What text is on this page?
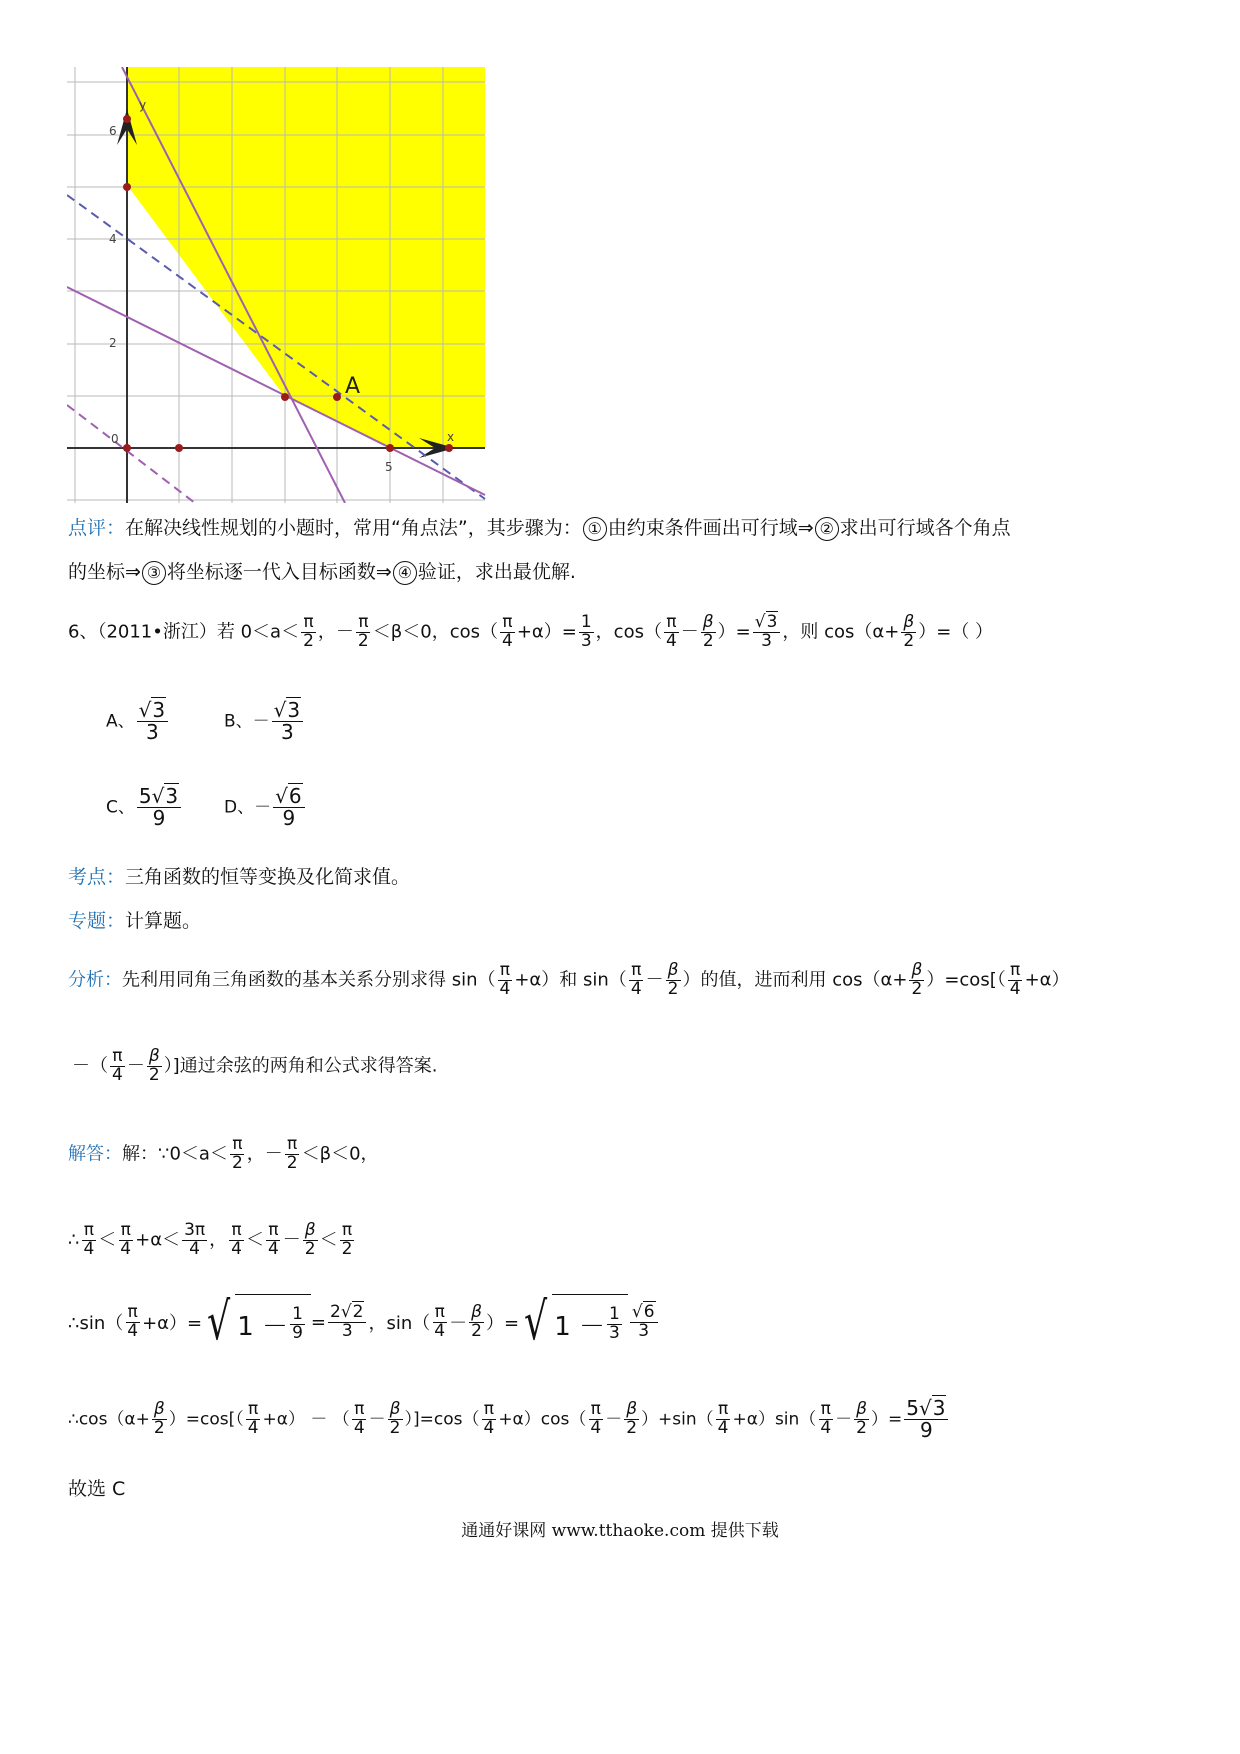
A
y
x
6
4
2
0
5
点评：在解决线性规划的小题时，常用“角点法”，其步骤为： ① 由约束条件画出可行域⇒ ② 求出可行域各个角点
的坐标⇒ ③ 将坐标逐一代入目标函数⇒ ④ 验证，求出最优解.
6、（2011•浙江）若 $0<a< \frac{\pi}{2}$ ，－ $\frac{\pi}{2} <\beta<0$，$\cos( \frac{\pi}{4} +\alpha)= \frac{1}{3}$ ，$\cos( \frac{\pi}{4} - \frac{\beta}{2}$ ）= $\frac{√3}{3}$ ，则 $\cos(\alpha+ \frac{\beta}{2}$ ）=（ ）
A、 $\frac{√3}{3}$	B、－ $\frac{√3}{3}$
C、 $\frac{5√3}{9}$	D、－ $\frac{√6}{9}$
考点：三角函数的恒等变换及化简求值。
专题：计算题。
分析：先利用同角三角函数的基本关系分别求得 $\sin( \frac{\pi}{4} +\alpha)$和 $\sin( \frac{\pi}{4} - \frac{\beta}{2}$ ）的值，进而利用 $\cos(\alpha+ \frac{\beta}{2} )=\cos[( \frac{\pi}{4} +\alpha)$
－（ $\frac{\pi}{4} - \frac{\beta}{2}$ ）]通过余弦的两角和公式求得答案.
解答：解：∵0＜a＜ $\frac{\pi}{2}$ ，－ $\frac{\pi}{2} <\beta<0$，
∴ $\frac{\pi}{4} < \frac{\pi}{4} +\alpha< \frac{3\pi}{4}$ ， $\frac{\pi}{4} < \frac{\pi}{4} - \frac{\beta}{2} < \frac{\pi}{2}$
∴sin（ $\frac{\pi}{4} +\alpha)=$ √ $1 - \frac{1}{9} = \frac{2√2}{3}$ ，$\sin( \frac{\pi}{4} - \frac{\beta}{2}$ ）= √ $1 - \frac{1}{3} \frac{√6}{3}$
∴cos（α+ $\frac{\beta}{2} )=\cos[( \frac{\pi}{4} +\alpha)$ － （ $\frac{\pi}{4} - \frac{\beta}{2} )]=\cos( \frac{\pi}{4} +\alpha)\cos( \frac{\pi}{4} - \frac{\beta}{2} )+\sin( \frac{\pi}{4} +\alpha)\sin( \frac{\pi}{4} - \frac{\beta}{2}$ ）= $\frac{5√3}{9}$
故选 C
通通好课网 www.tthaoke.com 提供下载
